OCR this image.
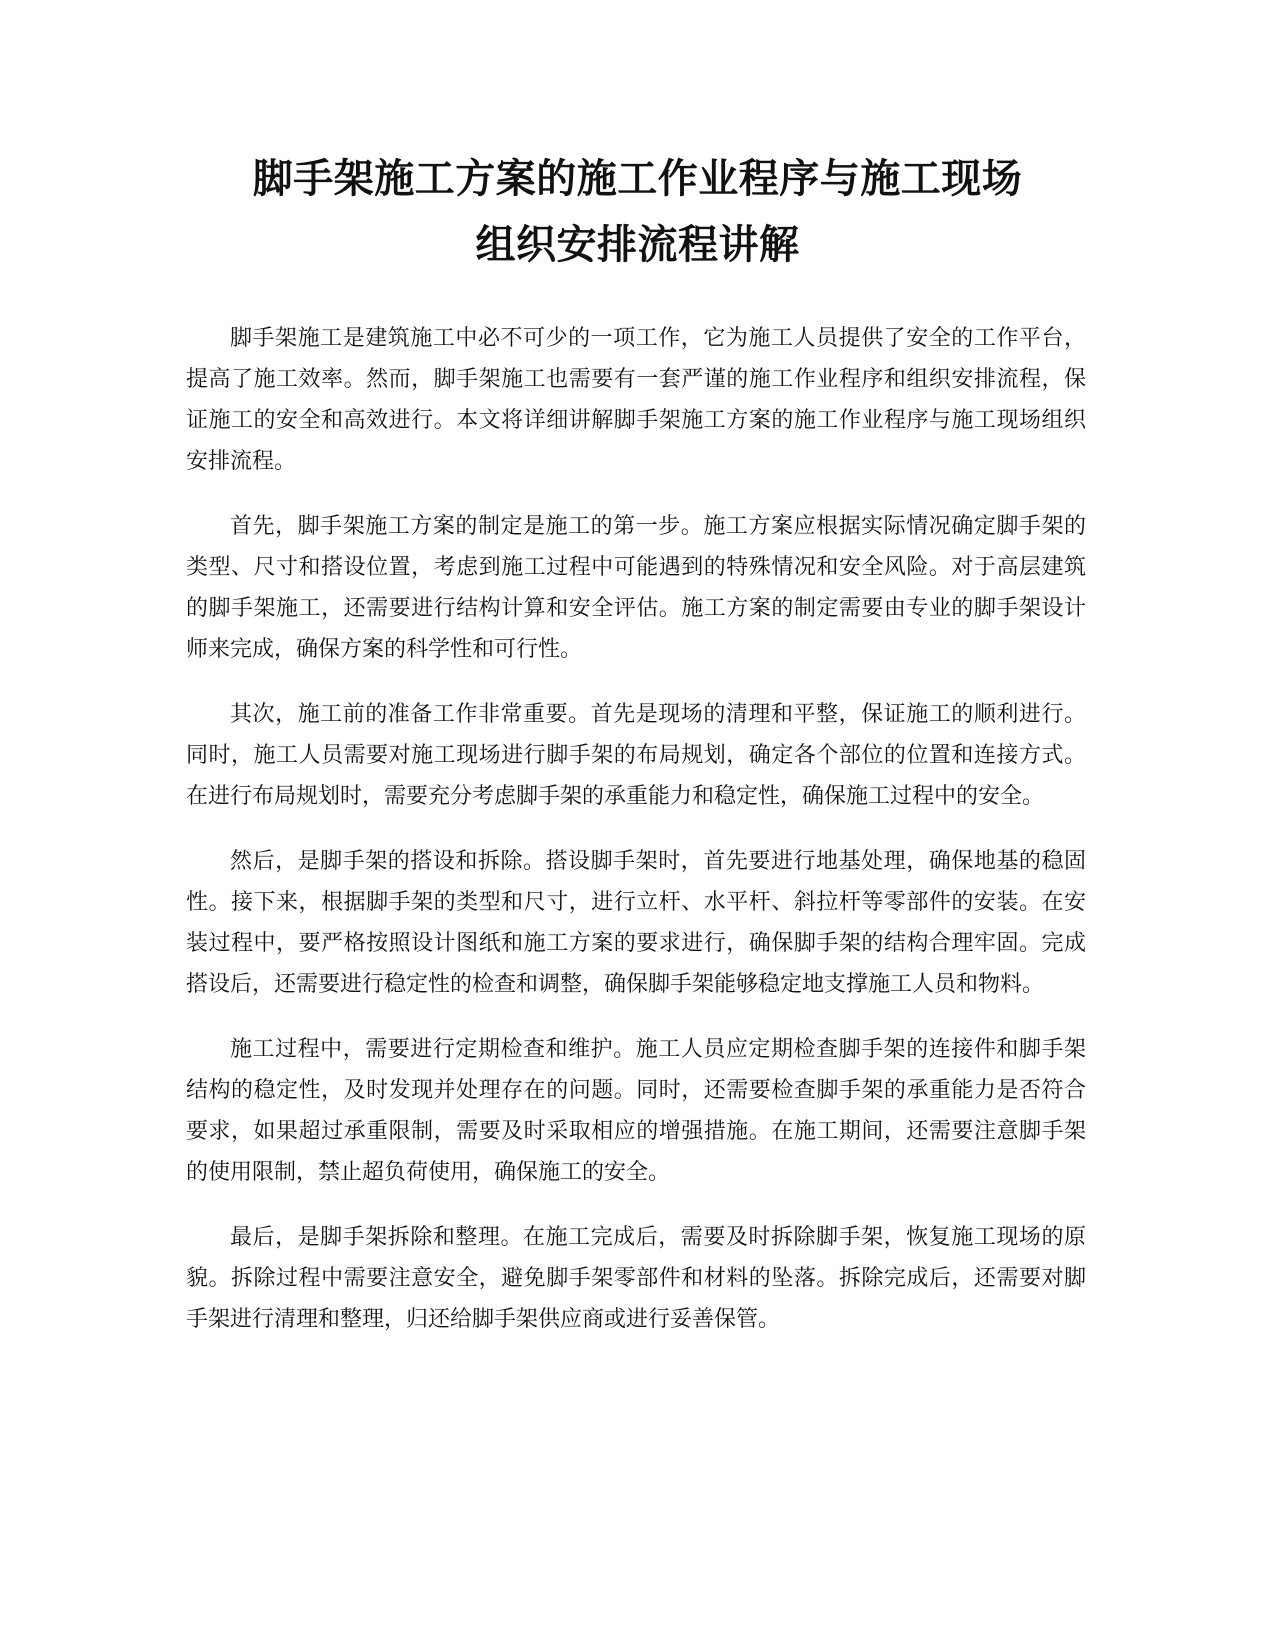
脚手架施工方案的施工作业程序与施工现场
组织安排流程讲解

脚手架施工是建筑施工中必不可少的一项工作，它为施工人员提供了安全的工作平台，提高了施工效率。然而，脚手架施工也需要有一套严谨的施工作业程序和组织安排流程，保证施工的安全和高效进行。本文将详细讲解脚手架施工方案的施工作业程序与施工现场组织安排流程。

首先，脚手架施工方案的制定是施工的第一步。施工方案应根据实际情况确定脚手架的类型、尺寸和搭设位置，考虑到施工过程中可能遇到的特殊情况和安全风险。对于高层建筑的脚手架施工，还需要进行结构计算和安全评估。施工方案的制定需要由专业的脚手架设计师来完成，确保方案的科学性和可行性。

其次，施工前的准备工作非常重要。首先是现场的清理和平整，保证施工的顺利进行。同时，施工人员需要对施工现场进行脚手架的布局规划，确定各个部位的位置和连接方式。在进行布局规划时，需要充分考虑脚手架的承重能力和稳定性，确保施工过程中的安全。

然后，是脚手架的搭设和拆除。搭设脚手架时，首先要进行地基处理，确保地基的稳固性。接下来，根据脚手架的类型和尺寸，进行立杆、水平杆、斜拉杆等零部件的安装。在安装过程中，要严格按照设计图纸和施工方案的要求进行，确保脚手架的结构合理牢固。完成搭设后，还需要进行稳定性的检查和调整，确保脚手架能够稳定地支撑施工人员和物料。

施工过程中，需要进行定期检查和维护。施工人员应定期检查脚手架的连接件和脚手架结构的稳定性，及时发现并处理存在的问题。同时，还需要检查脚手架的承重能力是否符合要求，如果超过承重限制，需要及时采取相应的增强措施。在施工期间，还需要注意脚手架的使用限制，禁止超负荷使用，确保施工的安全。

最后，是脚手架拆除和整理。在施工完成后，需要及时拆除脚手架，恢复施工现场的原貌。拆除过程中需要注意安全，避免脚手架零部件和材料的坠落。拆除完成后，还需要对脚手架进行清理和整理，归还给脚手架供应商或进行妥善保管。
